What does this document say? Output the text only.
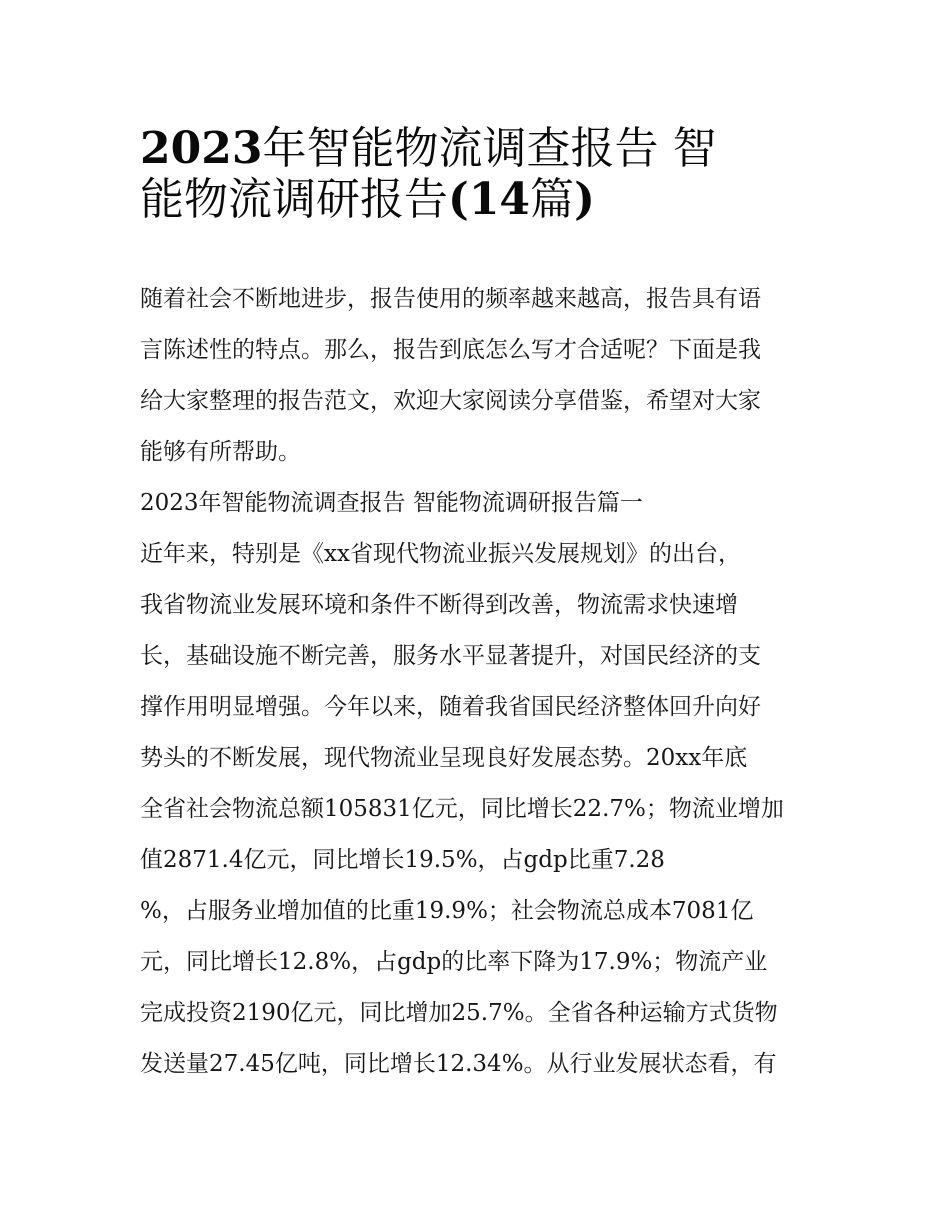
2023年智能物流调查报告 智
能物流调研报告(14篇)
随着社会不断地进步，报告使用的频率越来越高，报告具有语
言陈述性的特点。那么，报告到底怎么写才合适呢？下面是我
给大家整理的报告范文，欢迎大家阅读分享借鉴，希望对大家
能够有所帮助。
2023年智能物流调查报告 智能物流调研报告篇一
近年来，特别是《xx省现代物流业振兴发展规划》的出台，
我省物流业发展环境和条件不断得到改善，物流需求快速增
长，基础设施不断完善，服务水平显著提升，对国民经济的支
撑作用明显增强。今年以来，随着我省国民经济整体回升向好
势头的不断发展，现代物流业呈现良好发展态势。20xx年底
全省社会物流总额105831亿元，同比增长22.7%；物流业增加
值2871.4亿元，同比增长19.5%，占gdp比重7.28
%，占服务业增加值的比重19.9%；社会物流总成本7081亿
元，同比增长12.8%，占gdp的比率下降为17.9%；物流产业
完成投资2190亿元，同比增加25.7%。全省各种运输方式货物
发送量27.45亿吨，同比增长12.34%。从行业发展状态看，有
